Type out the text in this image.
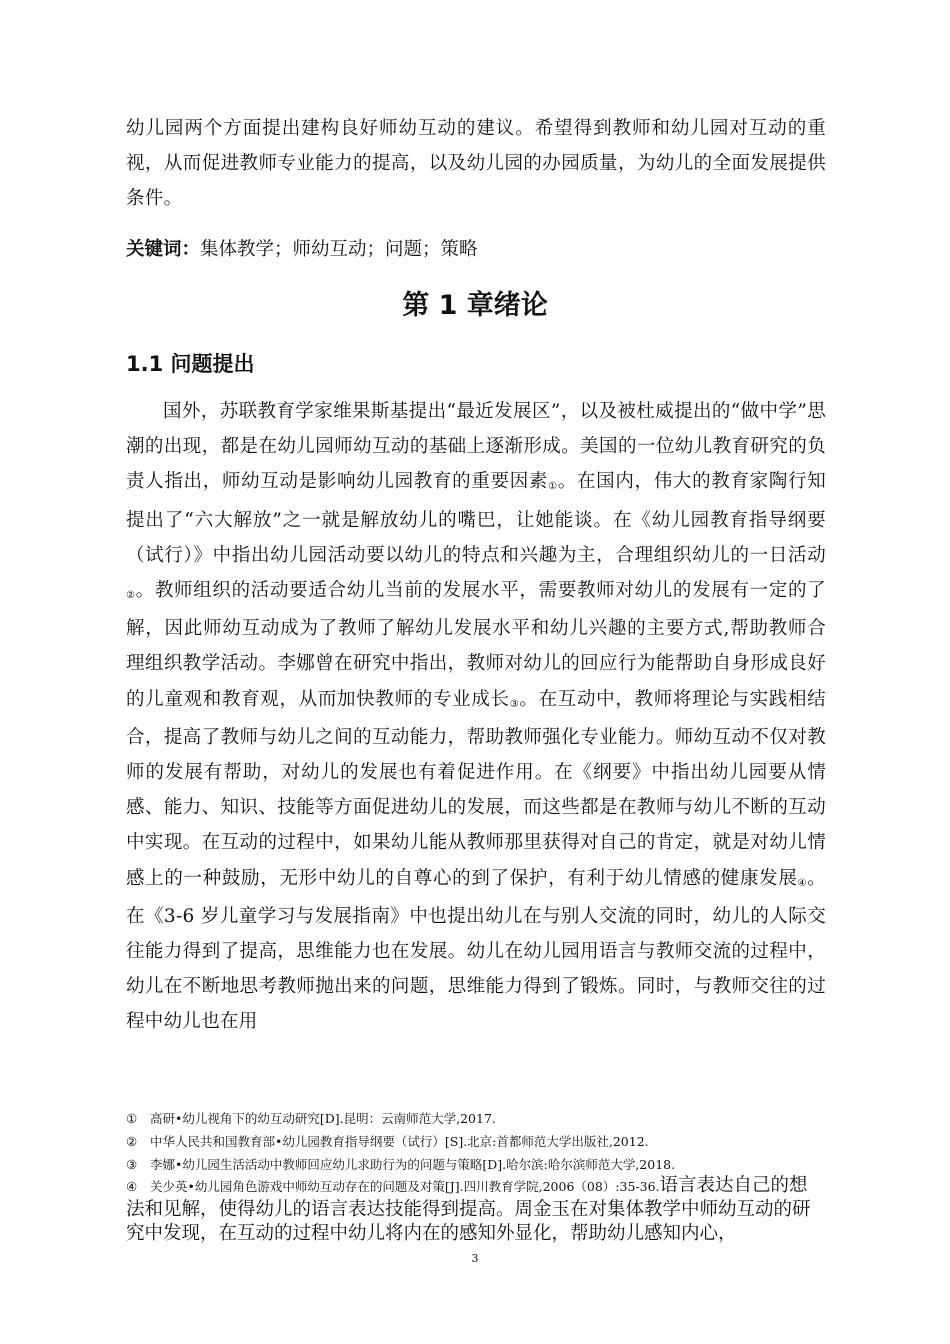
幼儿园两个方面提出建构良好师幼互动的建议。希望得到教师和幼儿园对互动的重视，从而促进教师专业能力的提高，以及幼儿园的办园质量，为幼儿的全面发展提供条件。

关键词：集体教学；师幼互动；问题；策略

第 1 章绪论
1.1 问题提出

国外，苏联教育学家维果斯基提出“最近发展区”，以及被杜威提出的“做中学”思潮的出现，都是在幼儿园师幼互动的基础上逐渐形成。美国的一位幼儿教育研究的负责人指出，师幼互动是影响幼儿园教育的重要因素①。在国内，伟大的教育家陶行知提出了“六大解放”之一就是解放幼儿的嘴巴，让她能谈。在《幼儿园教育指导纲要（试行）》中指出幼儿园活动要以幼儿的特点和兴趣为主，合理组织幼儿的一日活动②。教师组织的活动要适合幼儿当前的发展水平，需要教师对幼儿的发展有一定的了解，因此师幼互动成为了教师了解幼儿发展水平和幼儿兴趣的主要方式,帮助教师合理组织教学活动。李娜曾在研究中指出，教师对幼儿的回应行为能帮助自身形成良好的儿童观和教育观，从而加快教师的专业成长③。在互动中，教师将理论与实践相结合，提高了教师与幼儿之间的互动能力，帮助教师强化专业能力。师幼互动不仅对教师的发展有帮助，对幼儿的发展也有着促进作用。在《纲要》中指出幼儿园要从情感、能力、知识、技能等方面促进幼儿的发展，而这些都是在教师与幼儿不断的互动中实现。在互动的过程中，如果幼儿能从教师那里获得对自己的肯定，就是对幼儿情感上的一种鼓励，无形中幼儿的自尊心的到了保护，有利于幼儿情感的健康发展④。在《3-6 岁儿童学习与发展指南》中也提出幼儿在与别人交流的同时，幼儿的人际交往能力得到了提高，思维能力也在发展。幼儿在幼儿园用语言与教师交流的过程中，幼儿在不断地思考教师抛出来的问题，思维能力得到了锻炼。同时，与教师交往的过程中幼儿也在用

① 高研•幼儿视角下的幼互动研究[D].昆明：云南师范大学,2017.

② 中华人民共和国教育部•幼儿园教育指导纲要（试行）[S].北京:首都师范大学出版社,2012.

③ 李娜•幼儿园生活活动中教师回应幼儿求助行为的问题与策略[D].哈尔滨:哈尔滨师范大学,2018.

④ 关少英•幼儿园角色游戏中师幼互动存在的问题及对策[J].四川教育学院,2006（08）:35-36.语言表达自己的想法和见解，使得幼儿的语言表达技能得到提高。周金玉在对集体教学中师幼互动的研究中发现，在互动的过程中幼儿将内在的感知外显化，帮助幼儿感知内心，

3
